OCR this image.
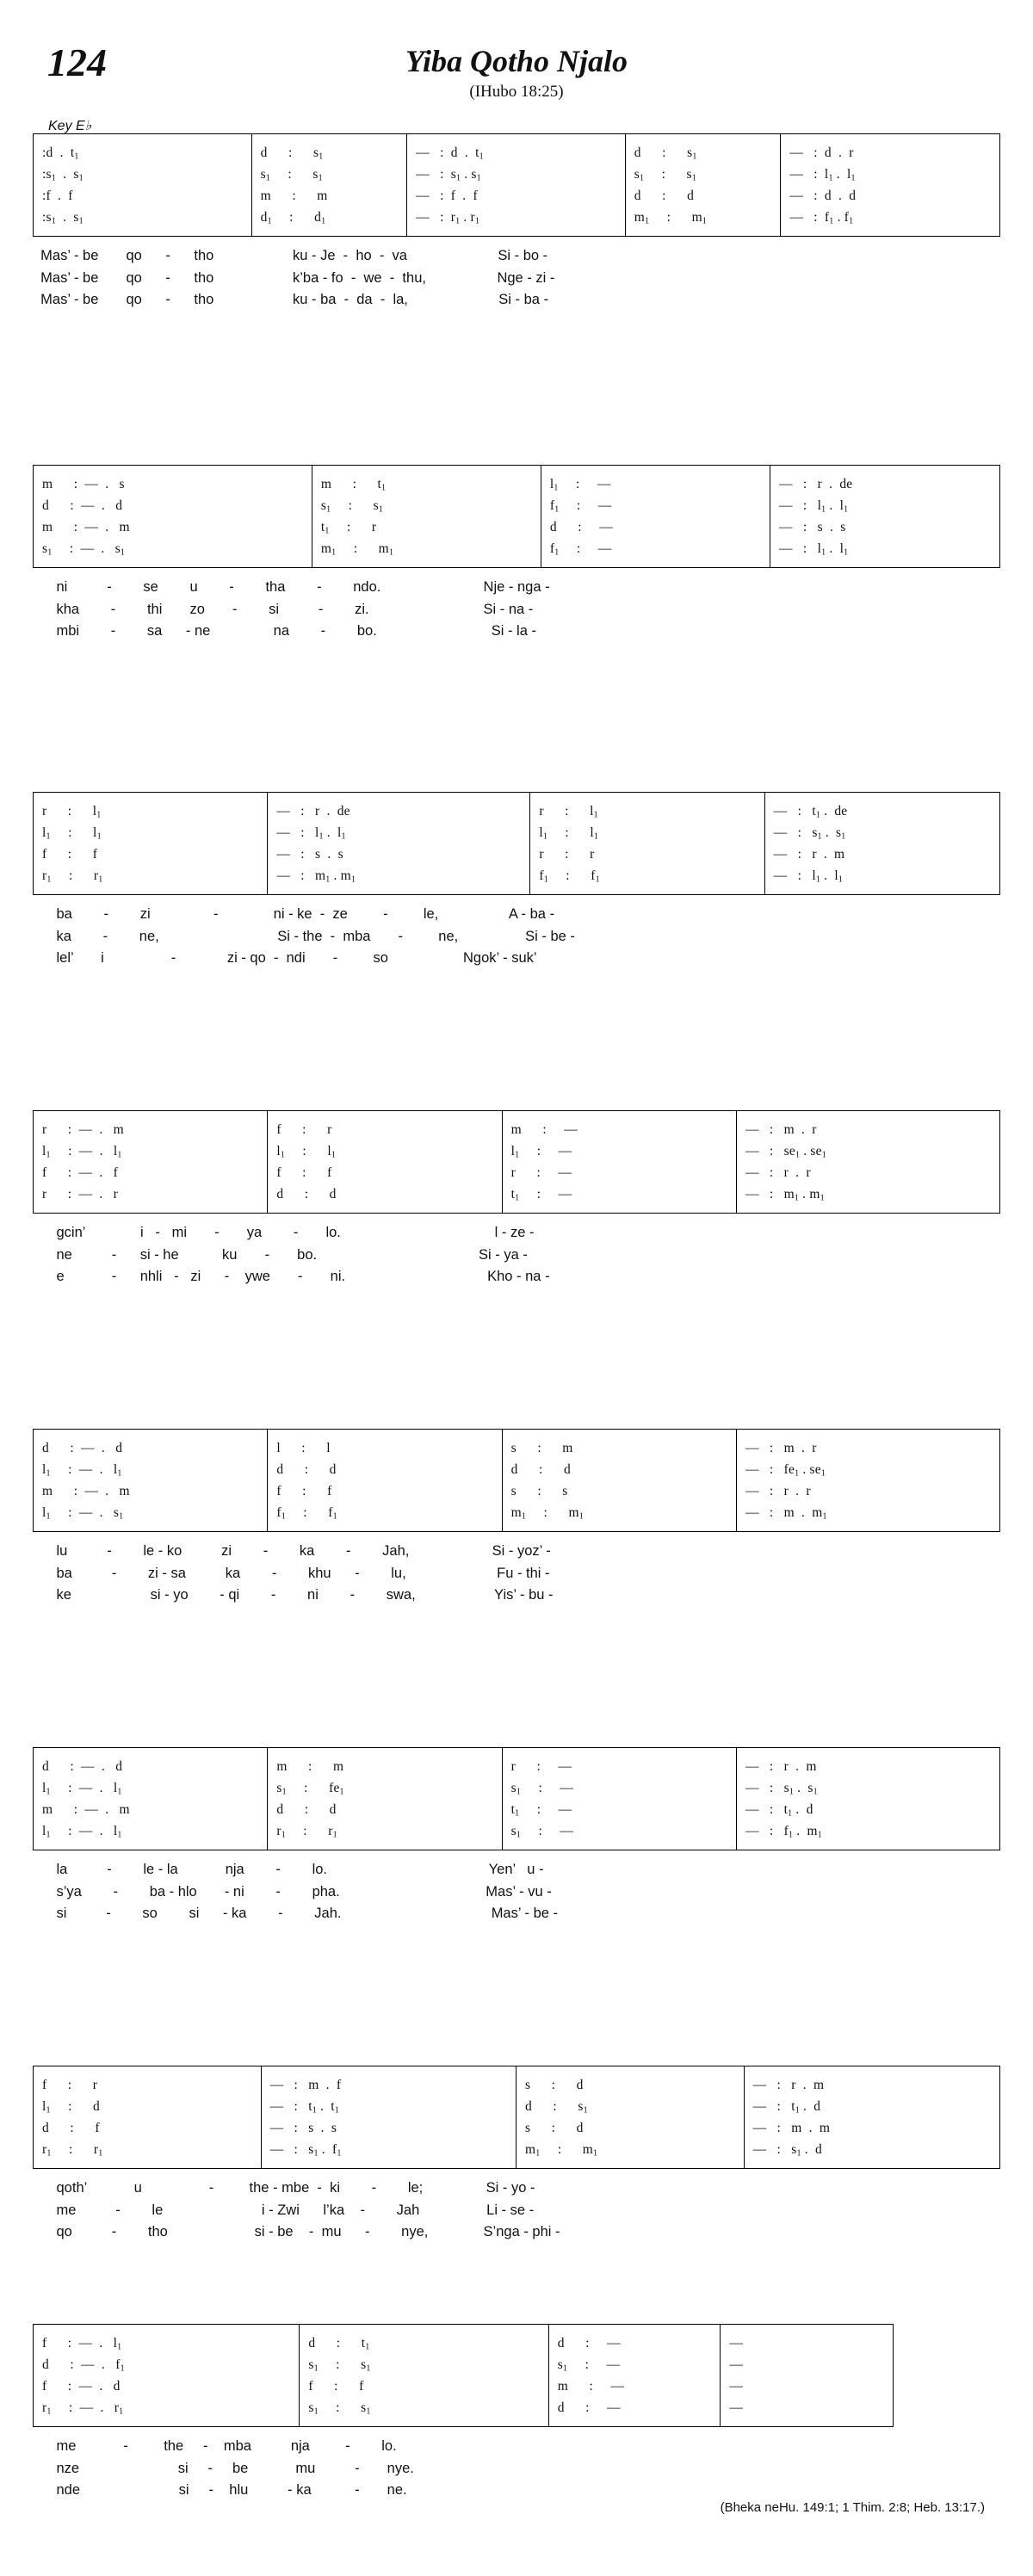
124	Yiba Qotho Njalo
(IHubo 18:25)
Key E♭
:d  .  $t_1$
$:s_1$  .  $s_1$
:f  .  f
$:s_1$  .  $s_1$
d      :      $s_1$
$s_1$     :      $s_1$
m      :      m
$d_1$     :      $d_1$
—   :  d  .  $t_1$
—   :  $s_1$ . $s_1$
—   :  f  .  f
—   :  $r_1$ . $r_1$
d      :      $s_1$
$s_1$     :      $s_1$
d      :      d
$m_1$     :      $m_1$
—   :  d  .  r
—   :  $l_1$ .  $l_1$
—   :  d  .  d
—   :  $f_1$ . $f_1$
Mas’ - be       qo      -      tho                    ku - Je  -  ho  -  va                       Si - bo -
Mas’ - be       qo      -      tho                    k’ba - fo  -  we  -  thu,                  Nge - zi -
Mas’ - be       qo      -      tho                    ku - ba  -  da  -  la,                       Si - ba -
m      :  —  .   s
d      :  —  .   d
m      :  —  .   m
$s_1$     :  —  .   $s_1$
m      :      $t_1$
$s_1$     :      $s_1$
$t_1$     :      r
$m_1$     :      $m_1$
$l_1$     :     —
$f_1$     :     —
d      :     —
$f_1$     :     —
—   :   r  .  de
—   :   $l_1$ .  $l_1$
—   :   s  .  s
—   :   $l_1$ .  $l_1$
ni          -        se        u        -        tha        -        ndo.                          Nje - nga -
kha        -        thi       zo       -        si          -        zi.                             Si - na -
mbi        -        sa      - ne                na        -        bo.                             Si - la -
r      :      $l_1$
$l_1$     :      $l_1$
f      :      f
$r_1$     :      $r_1$
—   :   r  .  de
—   :   $l_1$ .  $l_1$
—   :   s  .  s
—   :   $m_1$ . $m_1$
r      :      $l_1$
$l_1$     :      $l_1$
r      :      r
$f_1$     :      $f_1$
—   :   $t_1$ .  de
—   :   $s_1$ .  $s_1$
—   :   r  .  m
—   :   $l_1$ .  $l_1$
ba        -        zi                -              ni - ke  -  ze         -         le,                  A - ba -
ka        -        ne,                              Si - the  -  mba       -         ne,                 Si - be -
lel’       i                 -             zi - qo  -  ndi       -         so                   Ngok’ - suk’
r      :  —  .   m
$l_1$     :  —  .   $l_1$
f      :  —  .   f
r      :  —  .   r
f      :      r
$l_1$     :      $l_1$
f      :      f
d      :      d
m      :     —
$l_1$     :     —
r      :     —
$t_1$     :     —
—   :   m  .  r
—   :   $se_1$ . $se_1$
—   :   r  .  r
—   :   $m_1$ . $m_1$
gcin’              i   -   mi       -       ya        -       lo.                                       l - ze -
ne          -      si - he           ku       -       bo.                                         Si - ya -
e            -      nhli   -   zi      -    ywe       -       ni.                                    Kho - na -
d      :  —  .   d
$l_1$     :  —  .   $l_1$
m      :  —  .   m
$l_1$     :  —  .   $s_1$
l      :      l
d      :      d
f      :      f
$f_1$     :      $f_1$
s      :      m
d      :      d
s      :      s
$m_1$     :      $m_1$
—   :   m  .  r
—   :   $fe_1$ . $se_1$
—   :   r  .  r
—   :   m  .  $m_1$
lu          -        le - ko          zi        -        ka        -        Jah,                     Si - yoz’ -
ba          -        zi - sa          ka        -        khu      -        lu,                       Fu - thi -
ke                    si - yo        - qi        -        ni        -        swa,                    Yis’ - bu -
d      :  —  .   d
$l_1$     :  —  .   $l_1$
m      :  —  .   m
$l_1$     :  —  .   $l_1$
m      :      m
$s_1$     :      $fe_1$
d      :      d
$r_1$     :      $r_1$
r      :     —
$s_1$     :     —
$t_1$     :     —
$s_1$     :     —
—   :   r  .  m
—   :   $s_1$ .  $s_1$
—   :   $t_1$ .  d
—   :   $f_1$ .  $m_1$
la          -        le - la            nja        -        lo.                                         Yen’   u -
s’ya        -        ba - hlo       - ni        -        pha.                                     Mas’ - vu -
si          -        so        si      - ka        -        Jah.                                      Mas’ - be -
f      :      r
$l_1$     :      d
d      :      f
$r_1$     :      $r_1$
—   :   m  .  f
—   :   $t_1$ .  $t_1$
—   :   s  .  s
—   :   $s_1$ .  $f_1$
s      :      d
d      :      $s_1$
s      :      d
$m_1$     :      $m_1$
—   :   r  .  m
—   :   $t_1$ .  d
—   :   m  .  m
—   :   $s_1$ .  d
qoth’            u                 -         the - mbe  -  ki        -        le;                Si - yo -
me          -        le                         i - Zwi      l’ka    -        Jah                 Li - se -
qo          -        tho                      si - be    -  mu      -        nye,              S’nga - phi -
f      :  —  .   $l_1$
d      :  —  .   $f_1$
f      :  —  .   d
$r_1$     :  —  .   $r_1$
d      :      $t_1$
$s_1$     :      $s_1$
f      :      f
$s_1$     :      $s_1$
d      :     —
$s_1$     :     —
m      :     —
d      :     —
—
—
—
—
me            -         the     -    mba          nja         -        lo.
nze                         si     -     be            mu          -       nye.
nde                         si     -    hlu          - ka           -       ne.
(Bheka neHu. 149:1; 1 Thim. 2:8; Heb. 13:17.)
